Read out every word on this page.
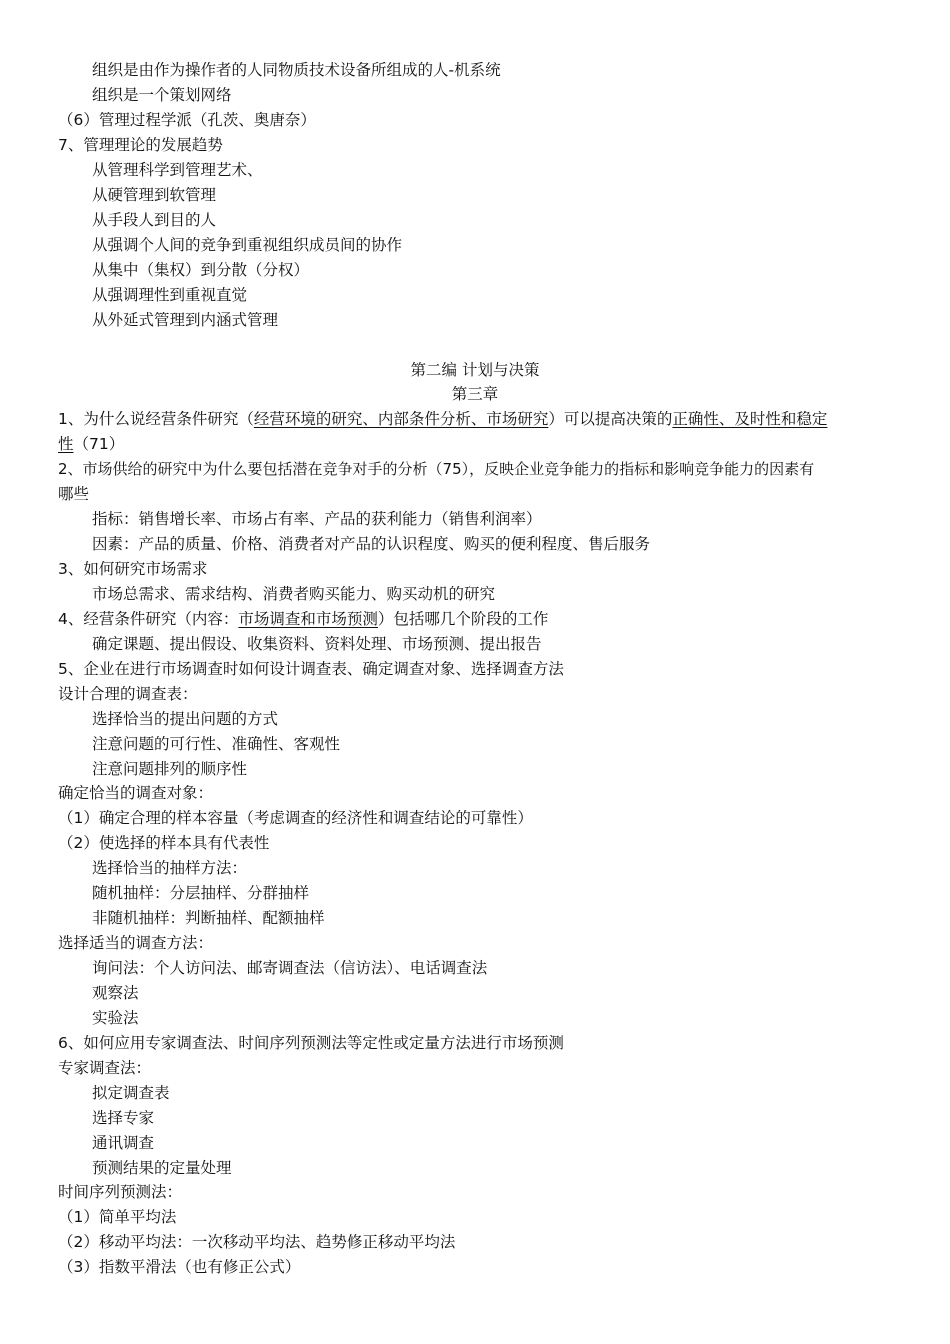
组织是由作为操作者的人同物质技术设备所组成的人-机系统
组织是一个策划网络
（6）管理过程学派（孔茨、奥唐奈）
7、管理理论的发展趋势
从管理科学到管理艺术、
从硬管理到软管理
从手段人到目的人
从强调个人间的竞争到重视组织成员间的协作
从集中（集权）到分散（分权）
从强调理性到重视直觉
从外延式管理到内涵式管理
第二编 计划与决策
第三章
1、为什么说经营条件研究（经营环境的研究、内部条件分析、市场研究）可以提高决策的正确性、及时性和稳定
性（71）
2、市场供给的研究中为什么要包括潜在竞争对手的分析（75），反映企业竞争能力的指标和影响竞争能力的因素有
哪些
指标：销售增长率、市场占有率、产品的获利能力（销售利润率）
因素：产品的质量、价格、消费者对产品的认识程度、购买的便利程度、售后服务
3、如何研究市场需求
市场总需求、需求结构、消费者购买能力、购买动机的研究
4、经营条件研究（内容：市场调查和市场预测）包括哪几个阶段的工作
确定课题、提出假设、收集资料、资料处理、市场预测、提出报告
5、企业在进行市场调查时如何设计调查表、确定调查对象、选择调查方法
设计合理的调查表：
选择恰当的提出问题的方式
注意问题的可行性、准确性、客观性
注意问题排列的顺序性
确定恰当的调查对象：
（1）确定合理的样本容量（考虑调查的经济性和调查结论的可靠性）
（2）使选择的样本具有代表性
选择恰当的抽样方法：
随机抽样：分层抽样、分群抽样
非随机抽样：判断抽样、配额抽样
选择适当的调查方法：
询问法：个人访问法、邮寄调查法（信访法）、电话调查法
观察法
实验法
6、如何应用专家调查法、时间序列预测法等定性或定量方法进行市场预测
专家调查法：
拟定调查表
选择专家
通讯调查
预测结果的定量处理
时间序列预测法：
（1）简单平均法
（2）移动平均法：一次移动平均法、趋势修正移动平均法
（3）指数平滑法（也有修正公式）
